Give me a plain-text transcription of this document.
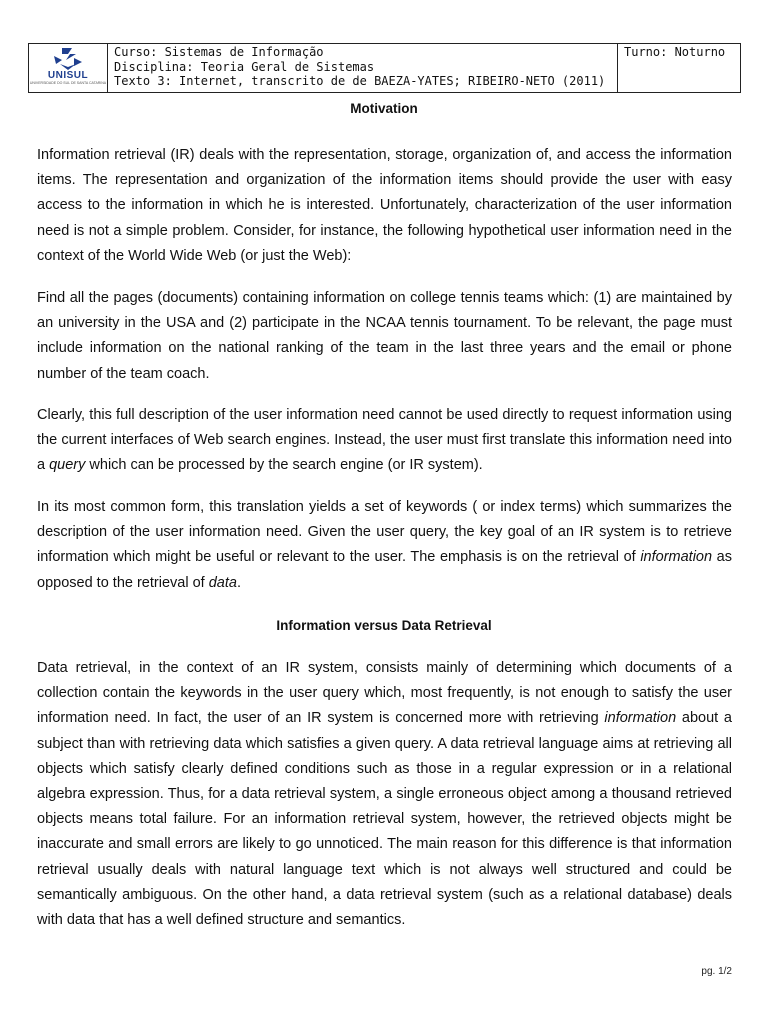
UNISUL
UNIVERSIDADE DO SUL DE SANTA CATARINA

Curso: Sistemas de Informação
Disciplina: Teoria Geral de Sistemas
Texto 3: Internet, transcrito de de BAEZA-YATES; RIBEIRO-NETO (2011)
	Turno: Noturno
Motivation
Information retrieval (IR) deals with the representation, storage, organization of, and access the information items. The representation and organization of the information items should provide the user with easy access to the information in which he is interested. Unfortunately, characterization of the user information need is not a simple problem. Consider, for instance, the following hypothetical user information need in the context of the World Wide Web (or just the Web):
Find all the pages (documents) containing information on college tennis teams which: (1) are maintained by an university in the USA and (2) participate in the NCAA tennis tournament. To be relevant, the page must include information on the national ranking of the team in the last three years and the email or phone number of the team coach.
Clearly, this full description of the user information need cannot be used directly to request information using the current interfaces of Web search engines. Instead, the user must first translate this information need into a query which can be processed by the search engine (or IR system).
In its most common form, this translation yields a set of keywords ( or index terms) which summarizes the description of the user information need. Given the user query, the key goal of an IR system is to retrieve information which might be useful or relevant to the user. The emphasis is on the retrieval of information as opposed to the retrieval of data.
Information versus Data Retrieval
Data retrieval, in the context of an IR system, consists mainly of determining which documents of a collection contain the keywords in the user query which, most frequently, is not enough to satisfy the user information need. In fact, the user of an IR system is concerned more with retrieving information about a subject than with retrieving data which satisfies a given query. A data retrieval language aims at retrieving all objects which satisfy clearly defined conditions such as those in a regular expression or in a relational algebra expression. Thus, for a data retrieval system, a single erroneous object among a thousand retrieved objects means total failure. For an information retrieval system, however, the retrieved objects might be inaccurate and small errors are likely to go unnoticed. The main reason for this difference is that information retrieval usually deals with natural language text which is not always well structured and could be semantically ambiguous. On the other hand, a data retrieval system (such as a relational database) deals with data that has a well defined structure and semantics.
pg. 1/2
